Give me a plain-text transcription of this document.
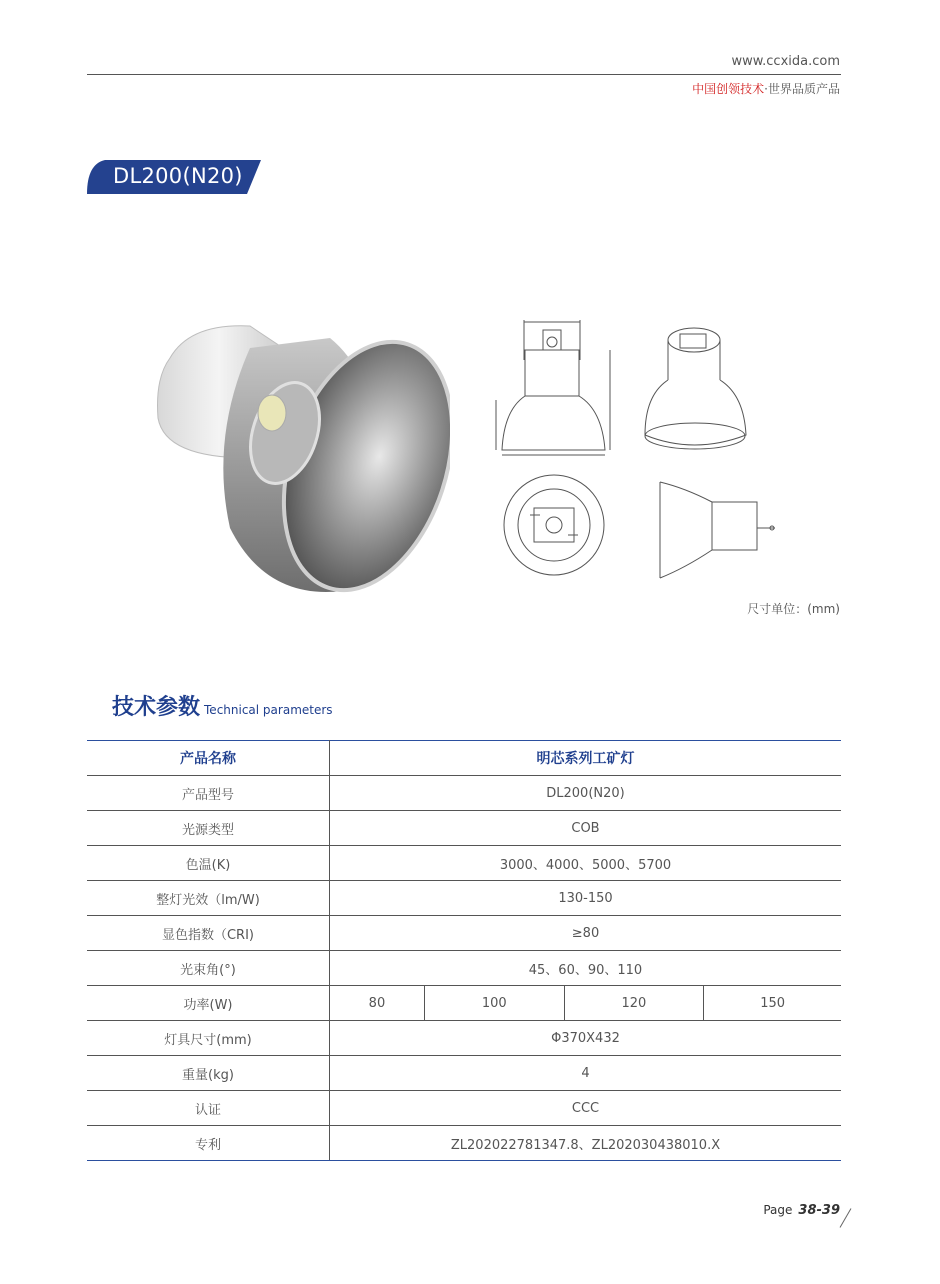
www.ccxida.com
中国创领技术·世界品质产品
DL200(N20)
尺寸单位：(mm)
技术参数 Technical parameters
产品名称	明芯系列工矿灯			
产品型号	DL200(N20)			
光源类型	COB			
色温(K)	3000、4000、5000、5700			
整灯光效（lm/W)	130-150			
显色指数（CRI)	≥80			
光束角(°)	45、60、90、110			
功率(W)	80	100	120	150
灯具尺寸(mm)	Φ370X432			
重量(kg)	4			
认证	CCC			
专利	ZL202022781347.8、ZL202030438010.X			
Page 38-39
